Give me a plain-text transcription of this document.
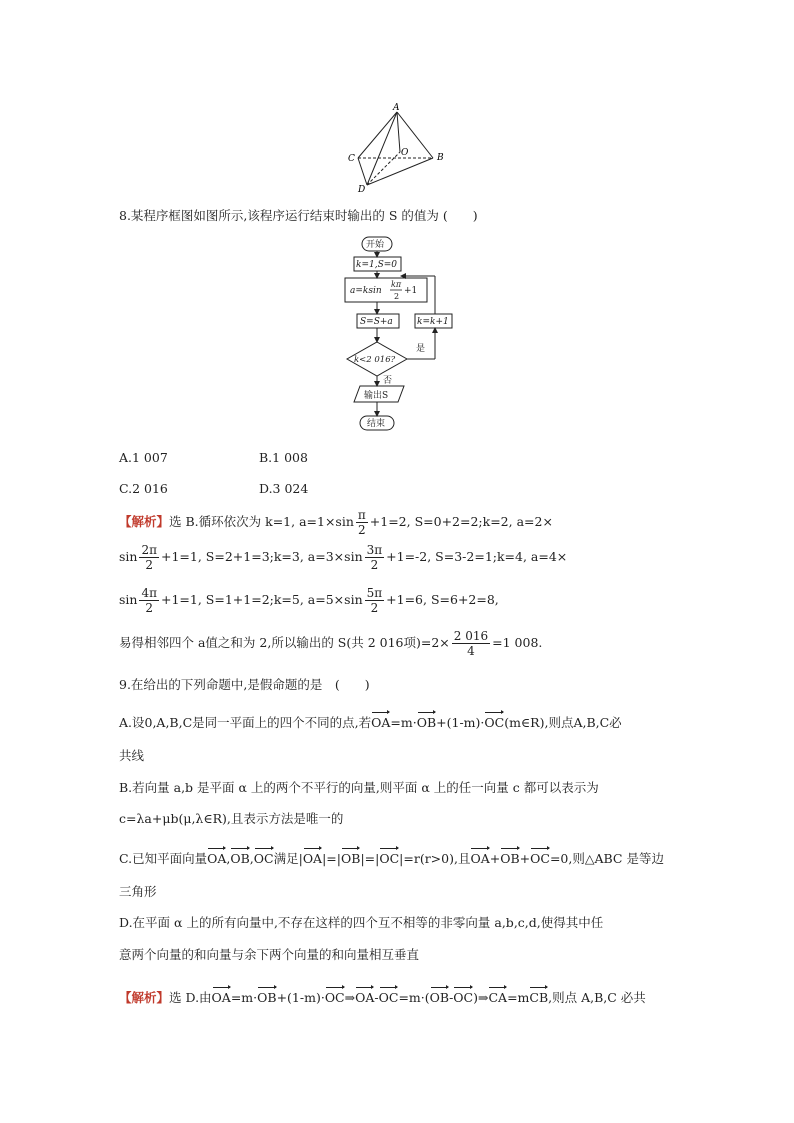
A
B
C
D
O
8.某程序框图如图所示,该程序运行结束时输出的 S 的值为 (　　)
开始
k=1,S=0
a=ksin
kπ
2
+1
S=S+a	k=k+1
k<2 016?
是
否
输出S
结束
A.1 007	B.1 008
C.2 016	D.3 024
【解析】选 B.循环依次为 k=1, $a=1\times\sin \frac{\pi}{2} +1=2$, S=0+2=2;k=2, a=2×
$\sin \frac{2\pi}{2} +1=1$, S=2+1=3;k=3, $a=3\times\sin \frac{3\pi}{2} +1=-2$, S=3-2=1;k=4, a=4×
$\sin \frac{4\pi}{2} +1=1$, S=1+1=2;k=5, $a=5\times\sin \frac{5\pi}{2} +1=6$, S=6+2=8,
易得相邻四个 a值之和为 2,所以输出的 S(共 2 016项)$=2\times \frac{2 016}{4} =1$ 008.
9.在给出的下列命题中,是假命题的是　(　　)
A.设0,A,B,C是同一平面上的四个不同的点,若OA=m·OB+(1-m)·OC(m∈R),则点A,B,C必
共线
B.若向量 a,b 是平面 α 上的两个不平行的向量,则平面 α 上的任一向量 c 都可以表示为
c=λa+μb(μ,λ∈R),且表示方法是唯一的
C.已知平面向量OA,OB,OC满足|OA|=|OB|=|OC|=r(r>0),且OA+OB+OC=0,则△ABC 是等边
三角形
D.在平面 α 上的所有向量中,不存在这样的四个互不相等的非零向量 a,b,c,d,使得其中任
意两个向量的和向量与余下两个向量的和向量相互垂直
【解析】选 D.由OA=m·OB+(1-m)·OC⇒OA-OC=m·(OB-OC)⇒CA=mCB,则点 A,B,C 必共
